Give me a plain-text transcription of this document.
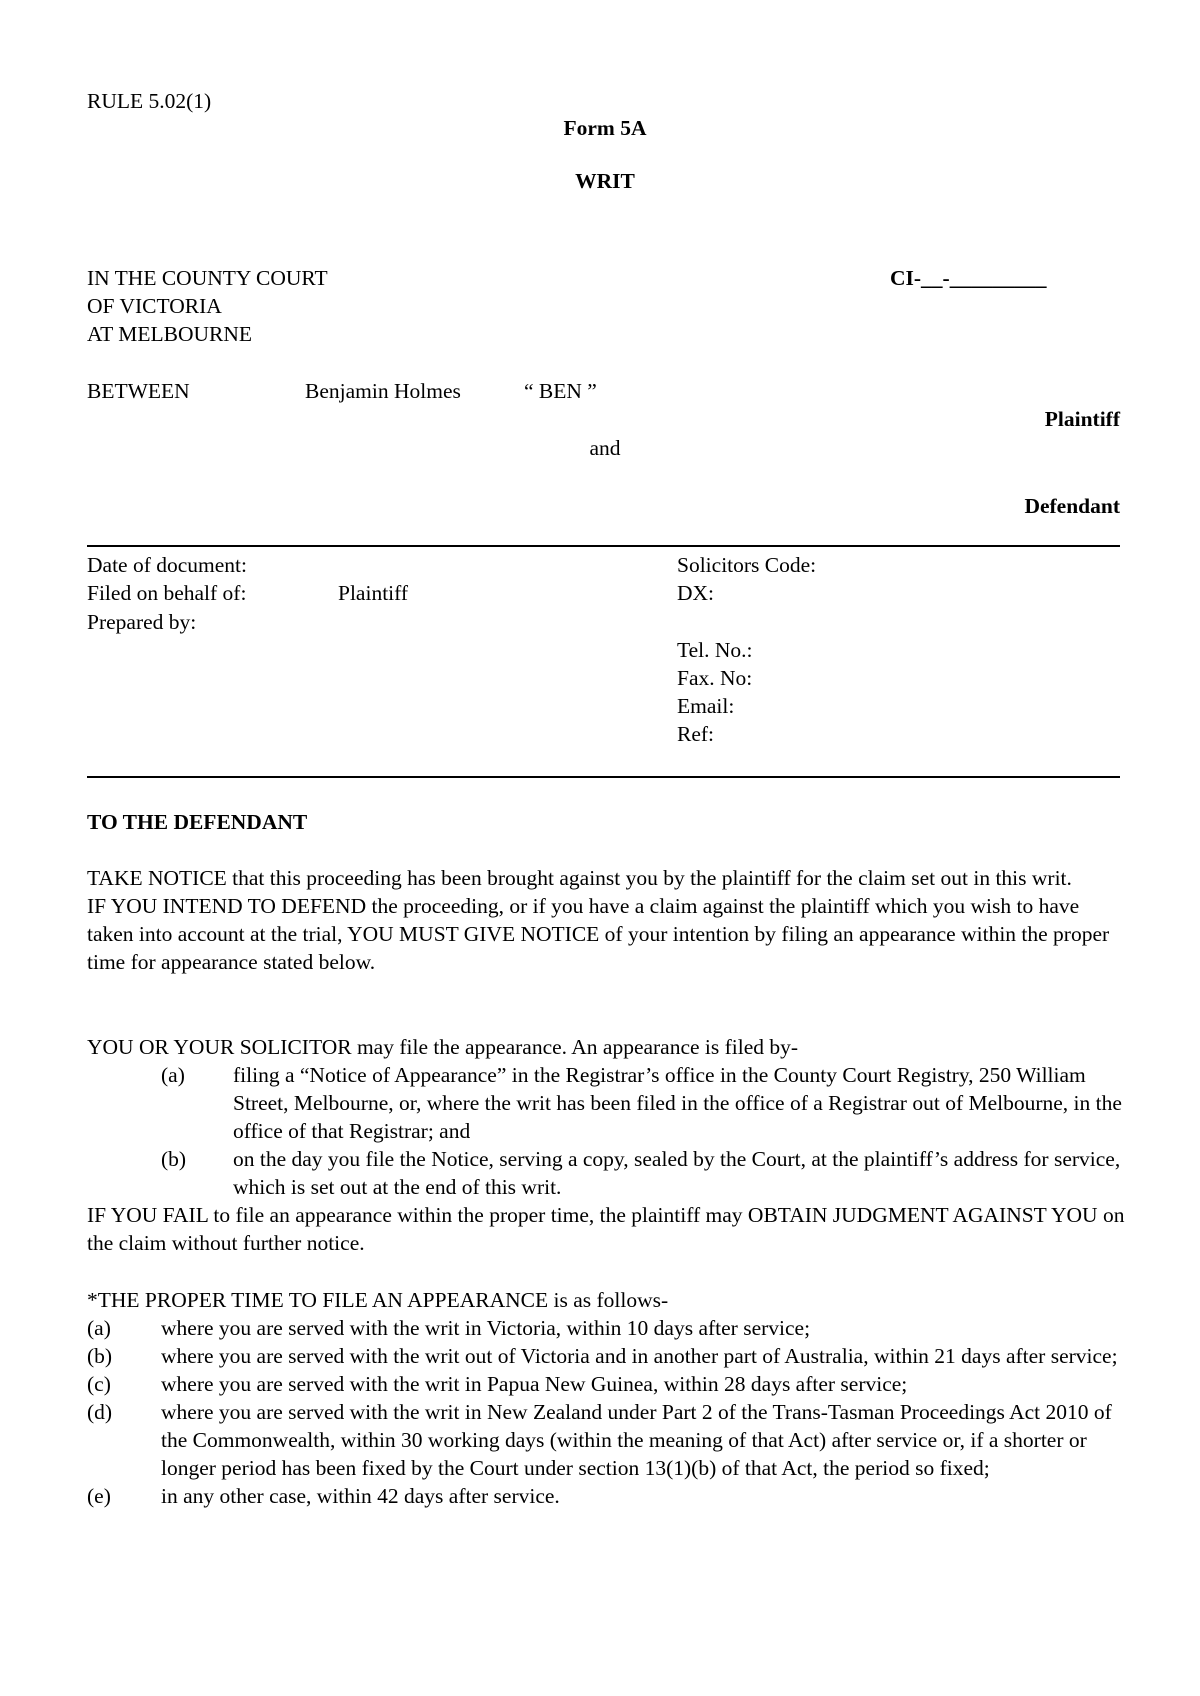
RULE 5.02(1)
Form 5A
WRIT
IN THE COUNTY COURT
OF VICTORIA
AT MELBOURNE
CI-__-_________
BETWEEN	Benjamin Holmes	“ BEN ”
Plaintiff
and
Defendant
Date of document:
Filed on behalf of:	Plaintiff
Prepared by:
Solicitors Code:
DX:
Tel. No.:
Fax. No:
Email:
Ref:
TO THE DEFENDANT
TAKE NOTICE that this proceeding has been brought against you by the plaintiff for the claim set out in this writ.
IF YOU INTEND TO DEFEND the proceeding, or if you have a claim against the plaintiff which you wish to have taken into account at the trial, YOU MUST GIVE NOTICE of your intention by filing an appearance within the proper time for appearance stated below.
YOU OR YOUR SOLICITOR may file the appearance. An appearance is filed by-
(a)	filing a “Notice of Appearance” in the Registrar’s office in the County Court Registry, 250 William Street, Melbourne, or, where the writ has been filed in the office of a Registrar out of Melbourne, in the office of that Registrar; and
(b)	on the day you file the Notice, serving a copy, sealed by the Court, at the plaintiff’s address for service, which is set out at the end of this writ.
IF YOU FAIL to file an appearance within the proper time, the plaintiff may OBTAIN JUDGMENT AGAINST YOU on the claim without further notice.
*THE PROPER TIME TO FILE AN APPEARANCE is as follows-
(a)	where you are served with the writ in Victoria, within 10 days after service;
(b)	where you are served with the writ out of Victoria and in another part of Australia, within 21 days after service;
(c)	where you are served with the writ in Papua New Guinea, within 28 days after service;
(d)	where you are served with the writ in New Zealand under Part 2 of the Trans-Tasman Proceedings Act 2010 of the Commonwealth, within 30 working days (within the meaning of that Act) after service or, if a shorter or longer period has been fixed by the Court under section 13(1)(b) of that Act, the period so fixed;
(e)	in any other case, within 42 days after service.
